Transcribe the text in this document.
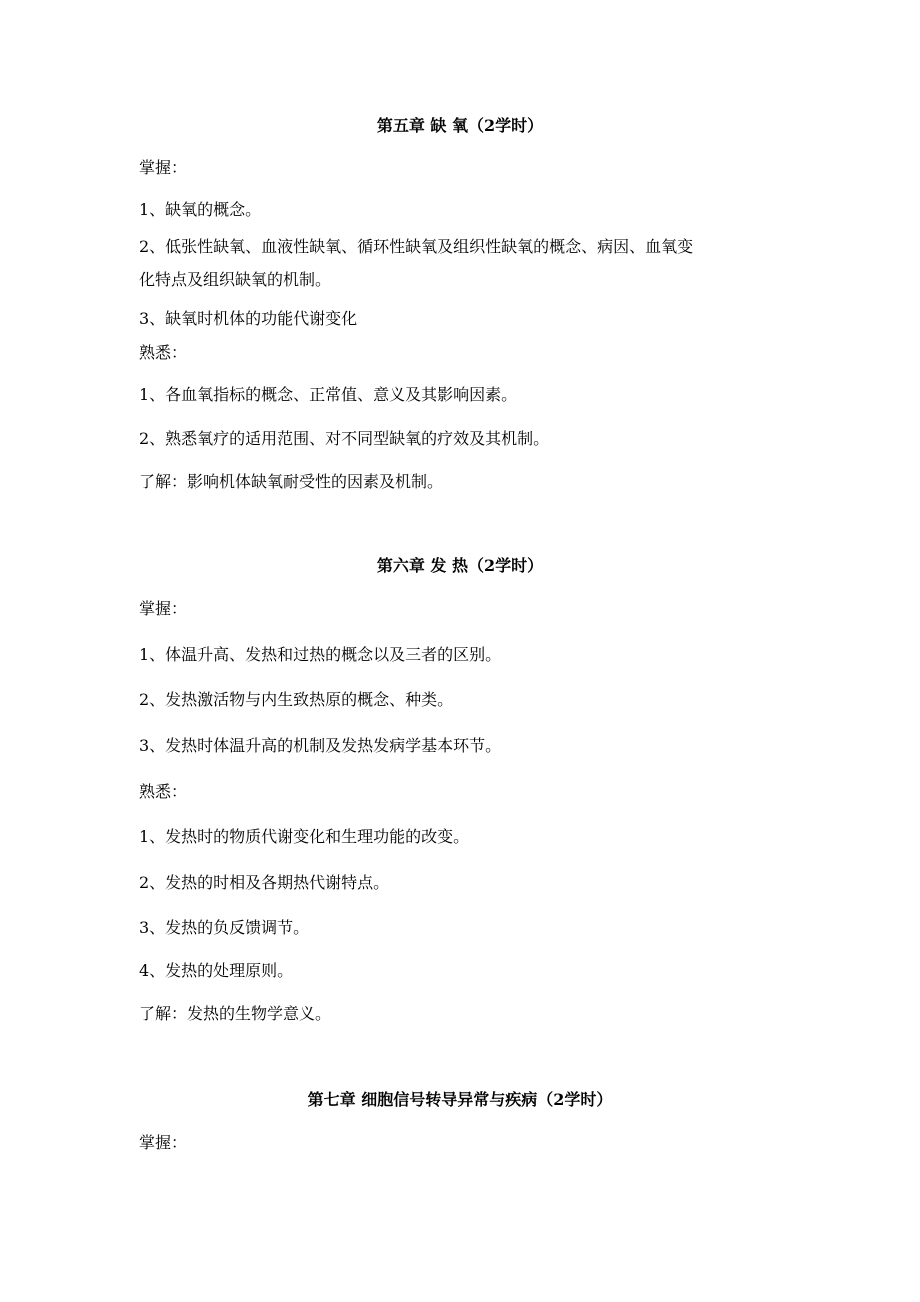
第五章 缺 氧（2学时）
掌握：
1、缺氧的概念。
2、低张性缺氧、血液性缺氧、循环性缺氧及组织性缺氧的概念、病因、血氧变
化特点及组织缺氧的机制。
3、缺氧时机体的功能代谢变化
熟悉：
1、各血氧指标的概念、正常值、意义及其影响因素。
2、熟悉氧疗的适用范围、对不同型缺氧的疗效及其机制。
了解：影响机体缺氧耐受性的因素及机制。
第六章 发 热（2学时）
掌握：
1、体温升高、发热和过热的概念以及三者的区别。
2、发热激活物与内生致热原的概念、种类。
3、发热时体温升高的机制及发热发病学基本环节。
熟悉：
1、发热时的物质代谢变化和生理功能的改变。
2、发热的时相及各期热代谢特点。
3、发热的负反馈调节。
4、发热的处理原则。
了解：发热的生物学意义。
第七章 细胞信号转导异常与疾病（2学时）
掌握：
